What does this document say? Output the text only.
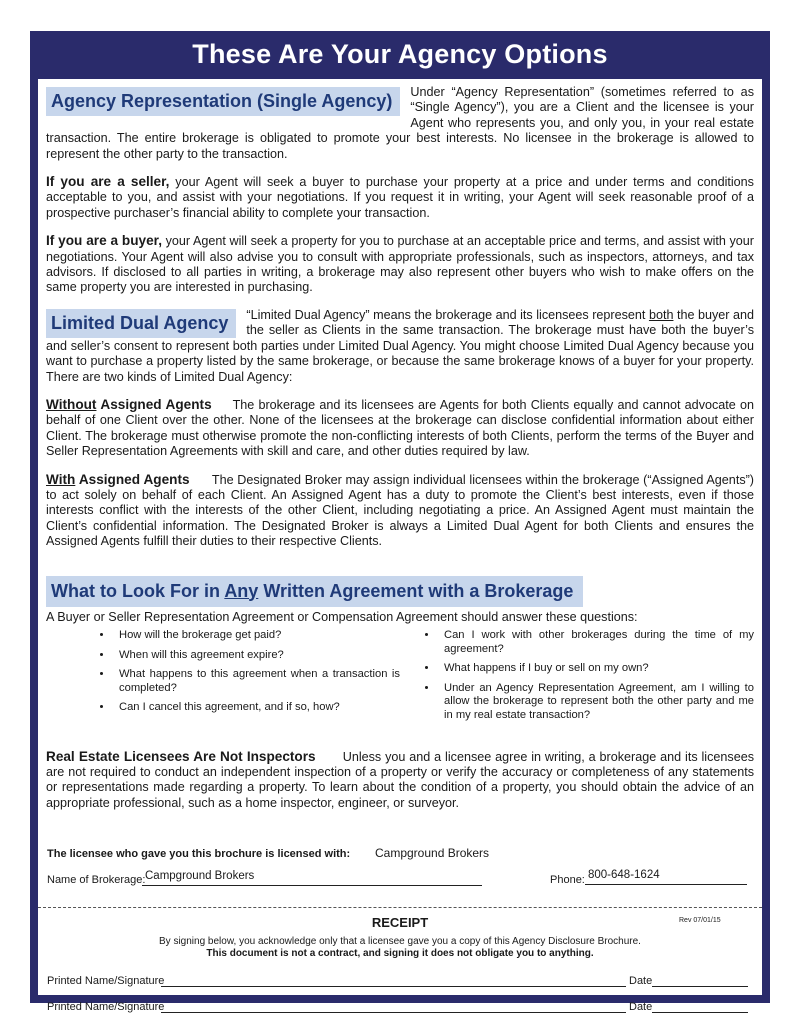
These Are Your Agency Options

Agency Representation (Single Agency)	Under “Agency Representation” (sometimes referred to as “Single Agency”), you are a Client and the licensee is your Agent who represents you, and only you, in your real estate transaction. The entire brokerage is obligated to promote your best interests. No licensee in the brokerage is allowed to represent the other party to the transaction.

If you are a seller, your Agent will seek a buyer to purchase your property at a price and under terms and conditions acceptable to you, and assist with your negotiations. If you request it in writing, your Agent will seek reasonable proof of a prospective purchaser’s financial ability to complete your transaction.

If you are a buyer, your Agent will seek a property for you to purchase at an acceptable price and terms, and assist with your negotiations. Your Agent will also advise you to consult with appropriate professionals, such as inspectors, attorneys, and tax advisors. If disclosed to all parties in writing, a brokerage may also represent other buyers who wish to make offers on the same property you are interested in purchasing.

Limited Dual Agency	“Limited Dual Agency” means the brokerage and its licensees represent both the buyer and the seller as Clients in the same transaction. The brokerage must have both the buyer’s and seller’s consent to represent both parties under Limited Dual Agency. You might choose Limited Dual Agency because you want to purchase a property listed by the same brokerage, or because the same brokerage knows of a buyer for your property. There are two kinds of Limited Dual Agency:

Without Assigned Agents The brokerage and its licensees are Agents for both Clients equally and cannot advocate on behalf of one Client over the other. None of the licensees at the brokerage can disclose confidential information about either Client. The brokerage must otherwise promote the non-conflicting interests of both Clients, perform the terms of the Buyer and Seller Representation Agreements with skill and care, and other duties required by law.

With Assigned Agents The Designated Broker may assign individual licensees within the brokerage (“Assigned Agents”) to act solely on behalf of each Client. An Assigned Agent has a duty to promote the Client’s best interests, even if those interests conflict with the interests of the other Client, including negotiating a price. An Assigned Agent must maintain the Client’s confidential information. The Designated Broker is always a Limited Dual Agent for both Clients and ensures the Assigned Agents fulfill their duties to their respective Clients.

What to Look For in Any Written Agreement with a Brokerage
A Buyer or Seller Representation Agreement or Compensation Agreement should answer these questions:
• How will the brokerage get paid?
• When will this agreement expire?
• What happens to this agreement when a transaction is completed?
• Can I cancel this agreement, and if so, how?
• Can I work with other brokerages during the time of my agreement?
• What happens if I buy or sell on my own?
• Under an Agency Representation Agreement, am I willing to allow the brokerage to represent both the other party and me in my real estate transaction?

Real Estate Licensees Are Not Inspectors Unless you and a licensee agree in writing, a brokerage and its licensees are not required to conduct an independent inspection of a property or verify the accuracy or completeness of any statements or representations made regarding a property. To learn about the condition of a property, you should obtain the advice of an appropriate professional, such as a home inspector, engineer, or surveyor.

The licensee who gave you this brochure is licensed with: Campground Brokers
Name of Brokerage: Campground Brokers	Phone: 800-648-1624
RECEIPT	Rev 07/01/15
By signing below, you acknowledge only that a licensee gave you a copy of this Agency Disclosure Brochure.
This document is not a contract, and signing it does not obligate you to anything.
Printed Name/Signature	Date
Printed Name/Signature	Date
